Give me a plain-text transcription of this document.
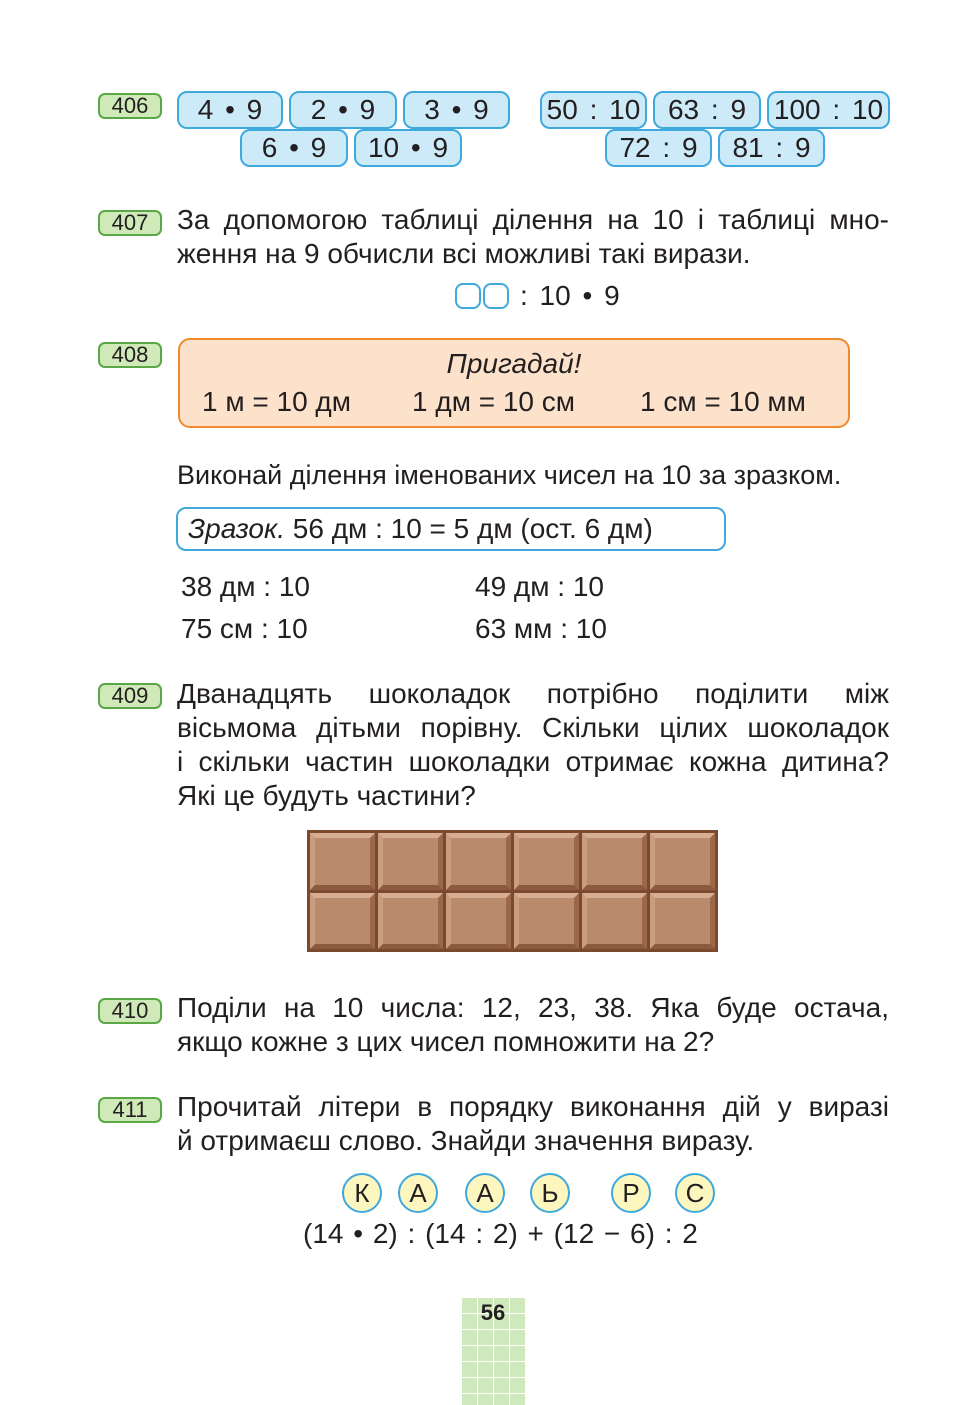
406	4 • 9	2 • 9	3 • 9
6 • 9	10 • 9
50 : 10 63 : 9 100 : 10
72 : 9	81 : 9
407	За допомогою таблиці ділення на 10 і таблиці мно-
ження на 9 обчисли всі можливі такі вирази.
: 10 • 9
408	Пригадай!
1 м = 10 дм 1 дм = 10 см 1 см = 10 мм
Виконай ділення іменованих чисел на 10 за зразком.
Зразок. 56 дм : 10 = 5 дм (ост. 6 дм)
38 дм : 10	49 дм : 10
75 см : 10	63 мм : 10
409	Дванадцять шоколадок потрібно поділити між
вісьмома дітьми порівну. Скільки цілих шоколадок
і скільки частин шоколадки отримає кожна дитина?
Які це будуть частини?
410	Поділи на 10 числа: 12, 23, 38. Яка буде остача,
якщо кожне з цих чисел помножити на 2?
411	Прочитай літери в порядку виконання дій у виразі
й отримаєш слово. Знайди значення виразу.
К	А	А	Ь	Р	С
(14 • 2) : (14 : 2) + (12 − 6) : 2
56
